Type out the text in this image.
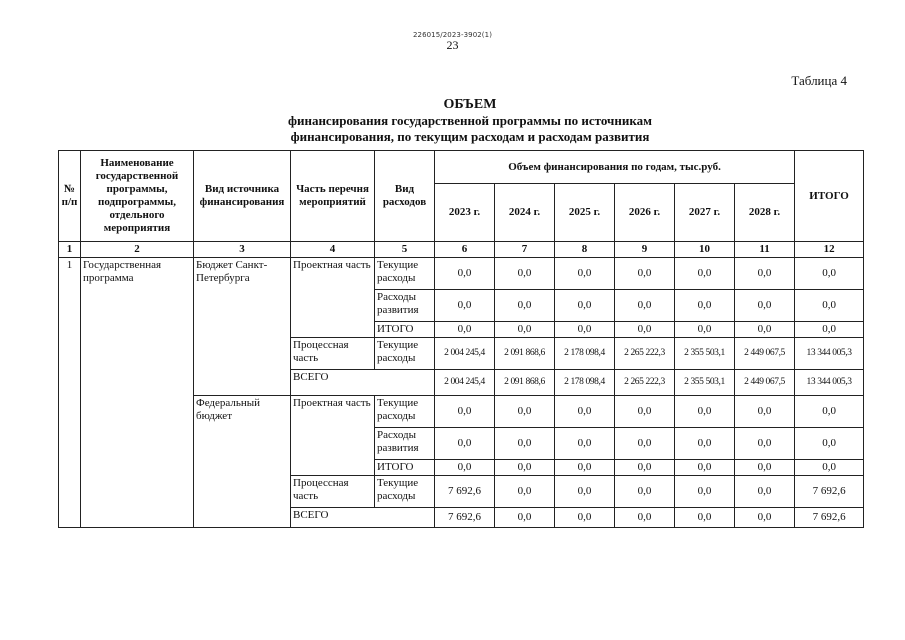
226015/2023-3902(1)
23
Таблица 4
ОБЪЕМ
финансирования государственной программы по источникам
финансирования, по текущим расходам и расходам развития
№ п/п	Наименование государственной программы, подпрограммы, отдельного мероприятия	Вид источника финансирования	Часть перечня мероприятий	Вид расходов	Объем финансирования по годам, тыс.руб.						ИТОГО
					2023 г.	2024 г.	2025 г.	2026 г.	2027 г.	2028 г.	
1	2	3	4	5	6	7	8	9	10	11	12
1	Государственная программа	Бюджет Санкт-Петербурга	Проектная часть	Текущие расходы	0,0	0,0	0,0	0,0	0,0	0,0	0,0
				Расходы развития	0,0	0,0	0,0	0,0	0,0	0,0	0,0
				ИТОГО	0,0	0,0	0,0	0,0	0,0	0,0	0,0
			Процессная часть	Текущие расходы	2 004 245,4	2 091 868,6	2 178 098,4	2 265 222,3	2 355 503,1	2 449 067,5	13 344 005,3
			ВСЕГО		2 004 245,4	2 091 868,6	2 178 098,4	2 265 222,3	2 355 503,1	2 449 067,5	13 344 005,3
		Федеральный бюджет	Проектная часть	Текущие расходы	0,0	0,0	0,0	0,0	0,0	0,0	0,0
				Расходы развития	0,0	0,0	0,0	0,0	0,0	0,0	0,0
				ИТОГО	0,0	0,0	0,0	0,0	0,0	0,0	0,0
			Процессная часть	Текущие расходы	7 692,6	0,0	0,0	0,0	0,0	0,0	7 692,6
			ВСЕГО		7 692,6	0,0	0,0	0,0	0,0	0,0	7 692,6
